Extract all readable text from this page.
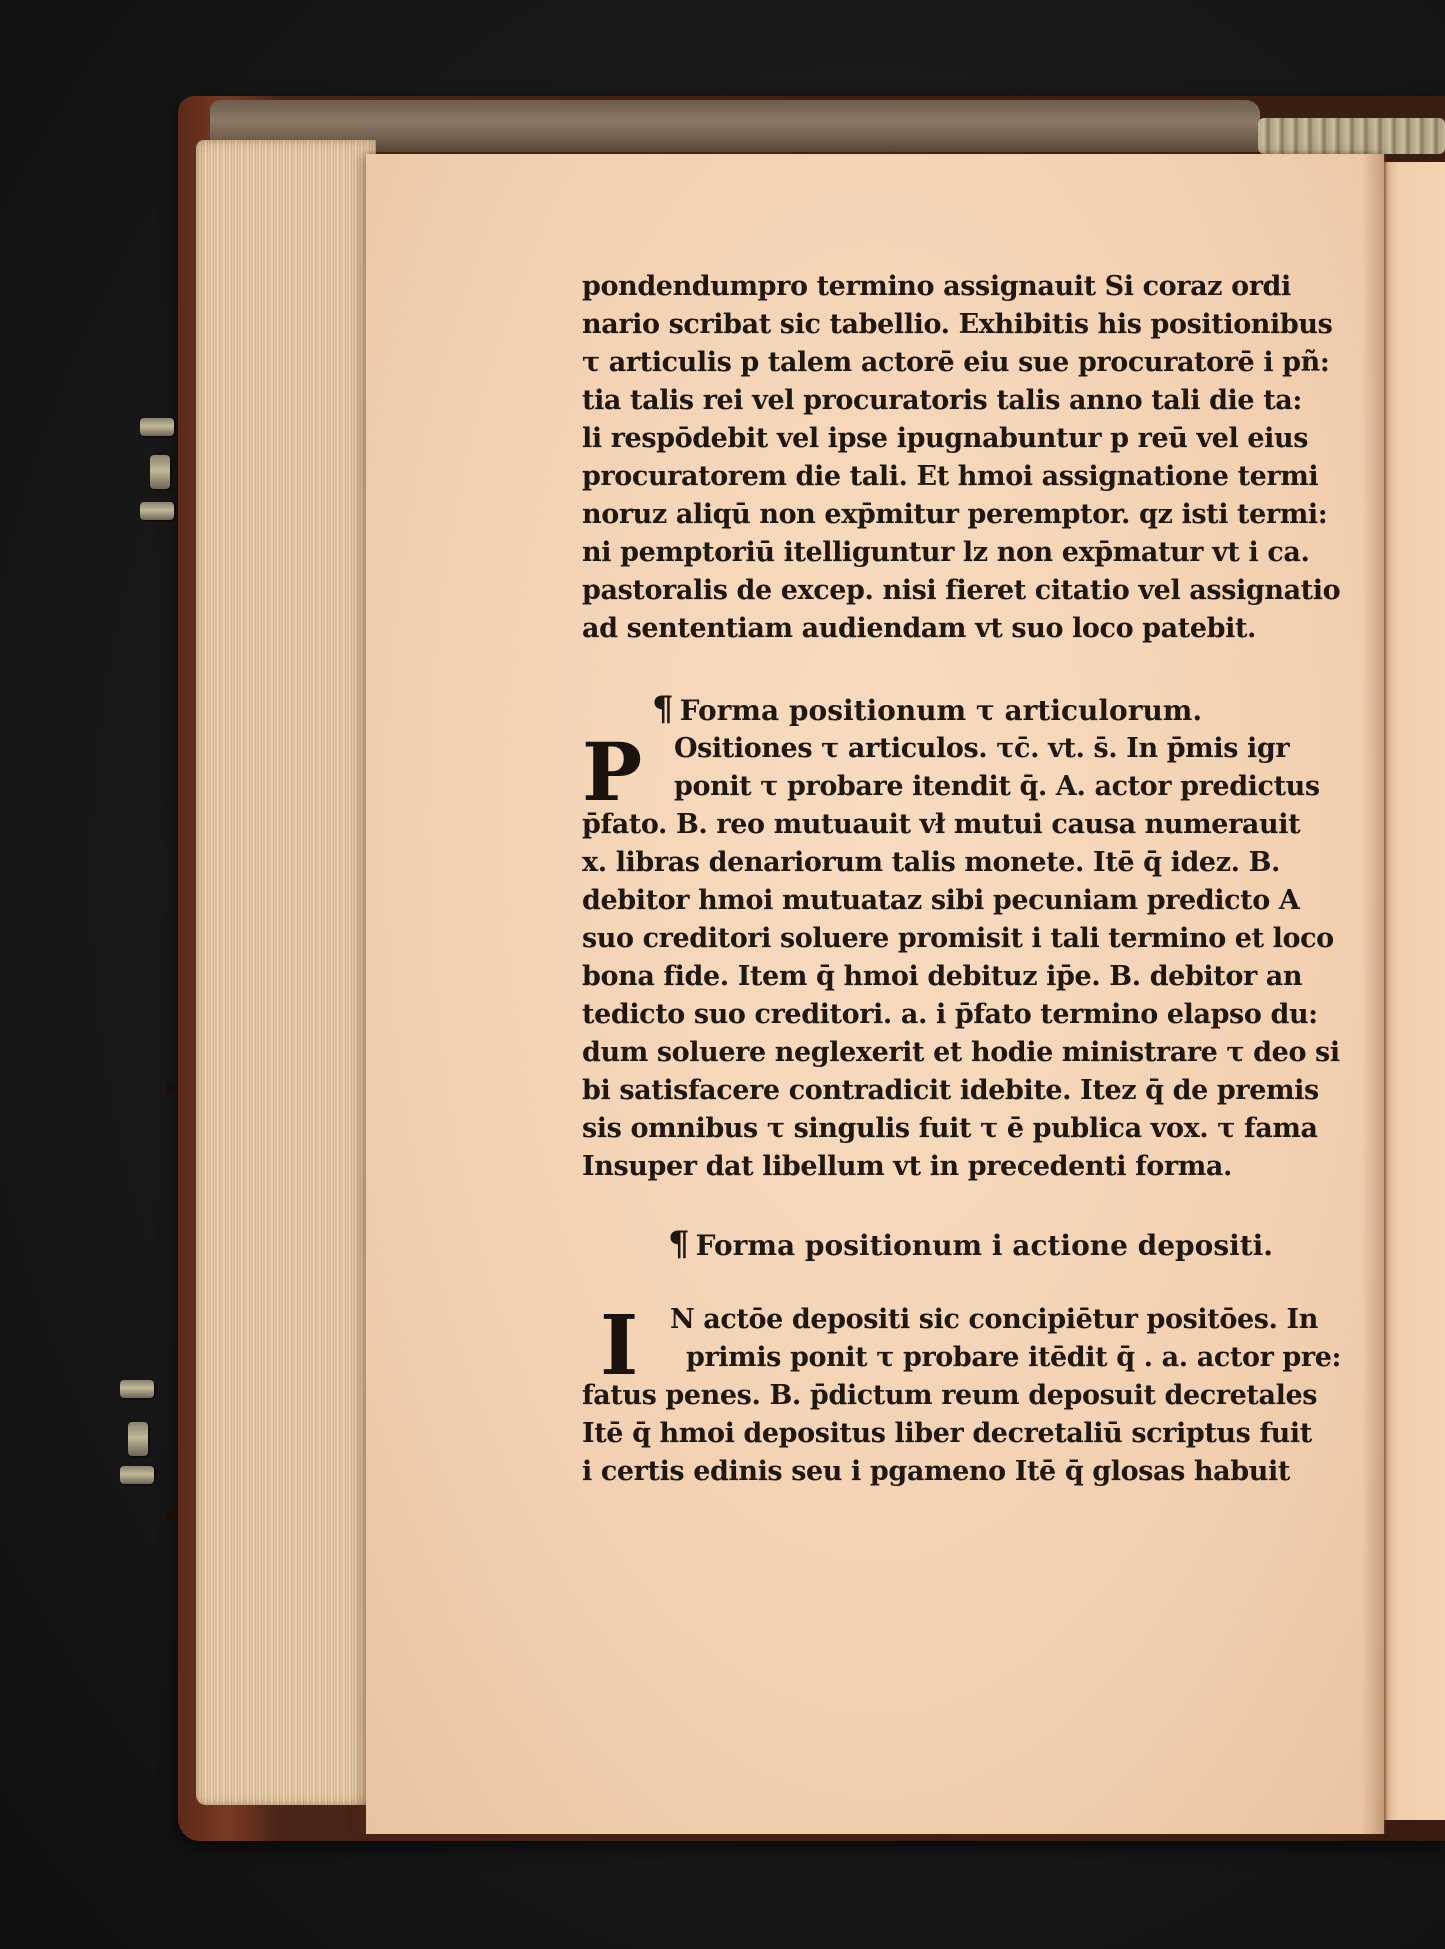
pondendumpro termino assignauit Si coraz ordi
nario scribat sic tabellio. Exhibitis his positionibus
τ articulis p talem actorē eiu sue procuratorē i pñ:
tia talis rei vel procuratoris talis anno tali die ta:
li respōdebit vel ipse ipugnabuntur p reū vel eius
procuratorem die tali. Et hmoi assignatione termi
noruz aliqū non exp̄mitur peremptor. qz isti termi:
ni pemptoriū itelliguntur lz non exp̄matur vt i ca.
pastoralis de excep. nisi fieret citatio vel assignatio
ad sententiam audiendam vt suo loco patebit.
¶ Forma positionum τ articulorum.
P	Ositiones τ articulos. τc̄. vt. s̄. In p̄mis igr
ponit τ probare itendit q̄. A. actor predictus
p̄fato. B. reo mutuauit vł mutui causa numerauit
x. libras denariorum talis monete. Itē q̄ idez. B.
debitor hmoi mutuataz sibi pecuniam predicto A
suo creditori soluere promisit i tali termino et loco
bona fide. Item q̄ hmoi debituz ip̄e. B. debitor an
tedicto suo creditori. a. i p̄fato termino elapso du:
dum soluere neglexerit et hodie ministrare τ deo si
bi satisfacere contradicit idebite. Itez q̄ de premis
sis omnibus τ singulis fuit τ ē publica vox. τ fama
Insuper dat libellum vt in precedenti forma.
¶ Forma positionum i actione depositi.
I	N actōe depositi sic concipiētur positōes. In
primis ponit τ probare itēdit q̄ . a. actor pre:
fatus penes. B. p̄dictum reum deposuit decretales
Itē q̄ hmoi depositus liber decretaliū scriptus fuit
i certis edinis seu i pgameno Itē q̄ glosas habuit
